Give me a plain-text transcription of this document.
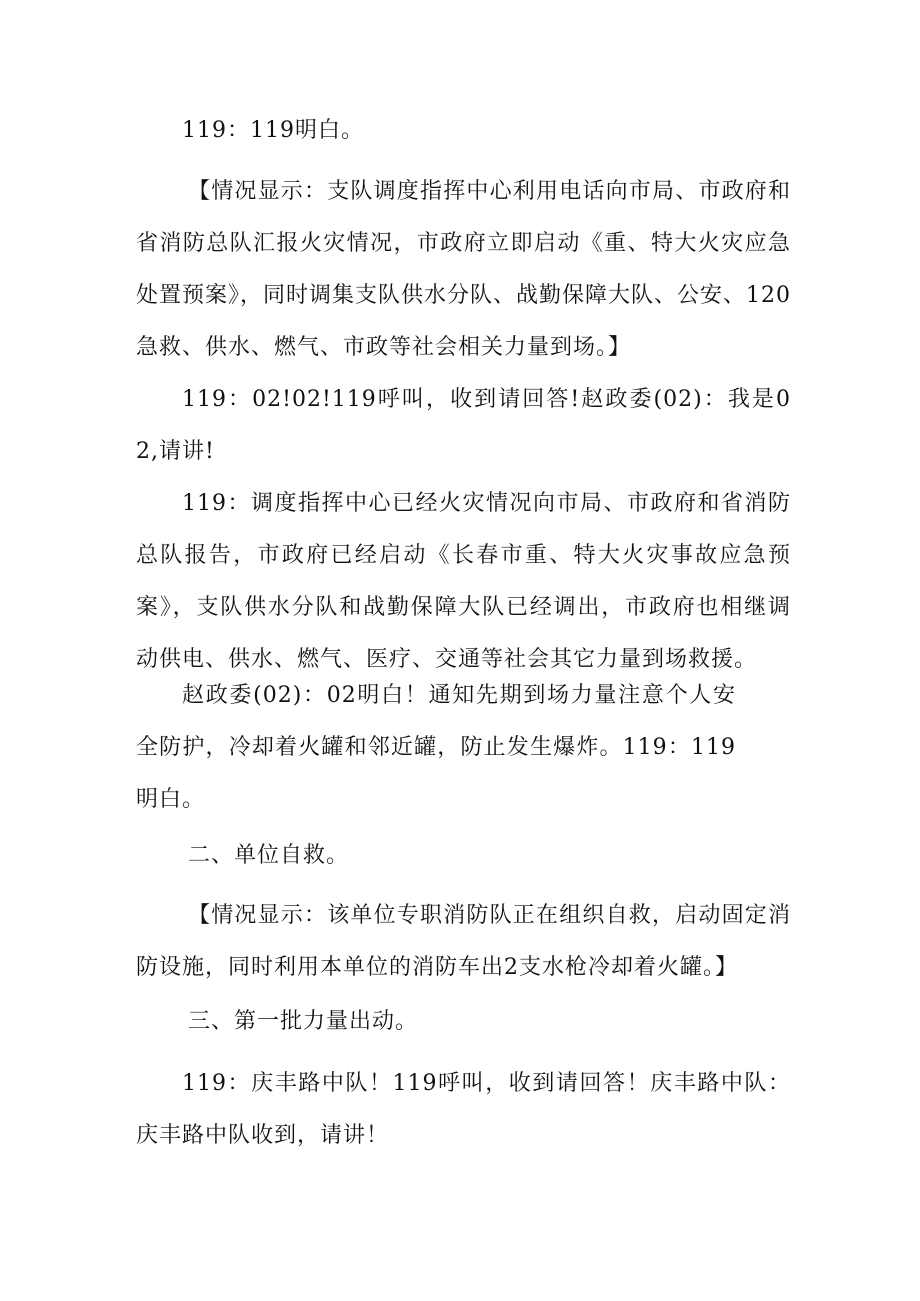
119：119明白。

【情况显示：支队调度指挥中心利用电话向市局、市政府和省消防总队汇报火灾情况，市政府立即启动《重、特大火灾应急处置预案》，同时调集支队供水分队、战勤保障大队、公安、120急救、供水、燃气、市政等社会相关力量到场。】

119：02!02!119呼叫，收到请回答!赵政委(02)：我是02,请讲!

119：调度指挥中心已经火灾情况向市局、市政府和省消防总队报告，市政府已经启动《长春市重、特大火灾事故应急预案》，支队供水分队和战勤保障大队已经调出，市政府也相继调动供电、供水、燃气、医疗、交通等社会其它力量到场救援。

赵政委(02)：02明白！通知先期到场力量注意个人安全防护，冷却着火罐和邻近罐，防止发生爆炸。119：119明白。

二、单位自救。

【情况显示：该单位专职消防队正在组织自救，启动固定消防设施，同时利用本单位的消防车出2支水枪冷却着火罐。】

三、第一批力量出动。

119：庆丰路中队！119呼叫，收到请回答！庆丰路中队：庆丰路中队收到，请讲！
